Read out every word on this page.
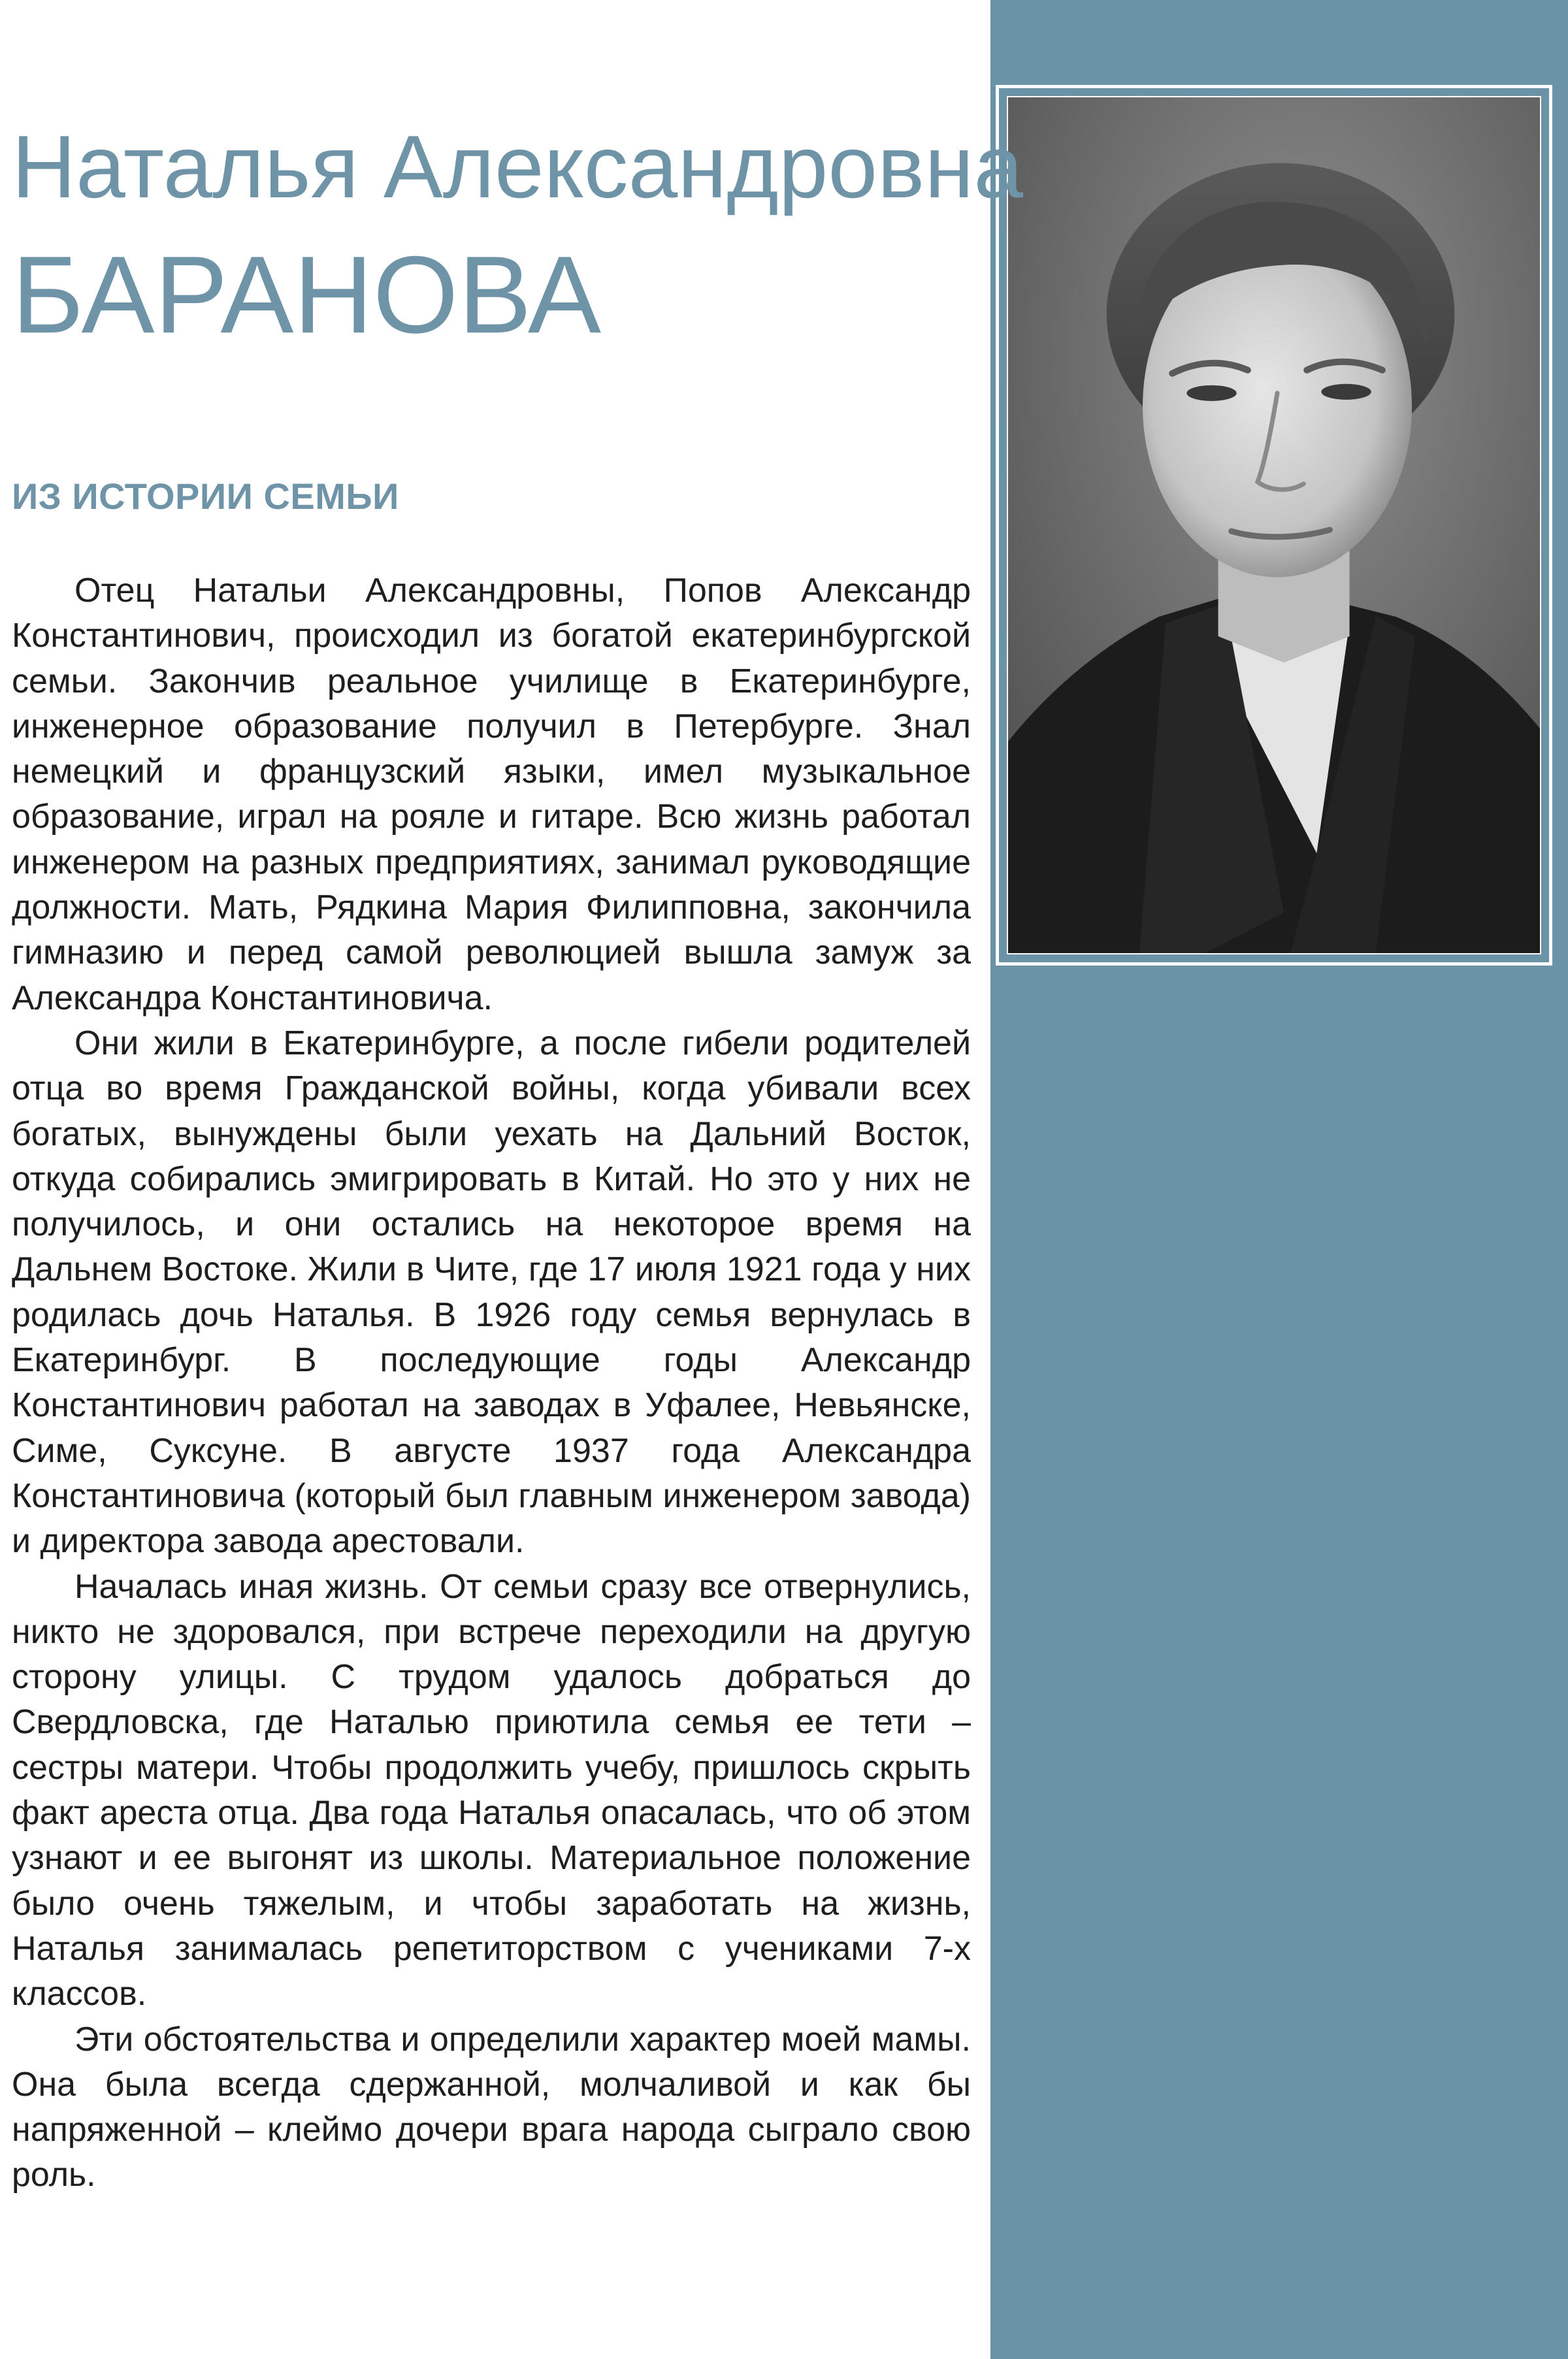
Наталья Александровна
БАРАНОВА
ИЗ ИСТОРИИ СЕМЬИ

Отец Натальи Александровны, Попов Александр Константинович, происходил из богатой екатеринбургской семьи. Закончив реальное училище в Екатеринбурге, инженерное образование получил в Петербурге. Знал немецкий и французский языки, имел музыкальное образование, играл на рояле и гитаре. Всю жизнь работал инженером на разных предприятиях, занимал руководящие должности. Мать, Рядкина Мария Филипповна, закончила гимназию и перед самой революцией вышла замуж за Александра Константиновича.

Они жили в Екатеринбурге, а после гибели родителей отца во время Гражданской войны, когда убивали всех богатых, вынуждены были уехать на Дальний Восток, откуда собирались эмигрировать в Китай. Но это у них не получилось, и они остались на некоторое время на Дальнем Востоке. Жили в Чите, где 17 июля 1921 года у них родилась дочь Наталья. В 1926 году семья вернулась в Екатеринбург. В последующие годы Александр Константинович работал на заводах в Уфалее, Невьянске, Симе, Суксуне. В августе 1937 года Александра Константиновича (который был главным инженером завода) и директора завода арестовали.

Началась иная жизнь. От семьи сразу все отвернулись, никто не здоровался, при встрече переходили на другую сторону улицы. С трудом удалось добраться до Свердловска, где Наталью приютила семья ее тети – сестры матери. Чтобы продолжить учебу, пришлось скрыть факт ареста отца. Два года Наталья опасалась, что об этом узнают и ее выгонят из школы. Материальное положение было очень тяжелым, и чтобы заработать на жизнь, Наталья занималась репетиторством с учениками 7-х классов.

Эти обстоятельства и определили характер моей мамы. Она была всегда сдержанной, молчаливой и как бы напряженной – клеймо дочери врага народа сыграло свою роль.
